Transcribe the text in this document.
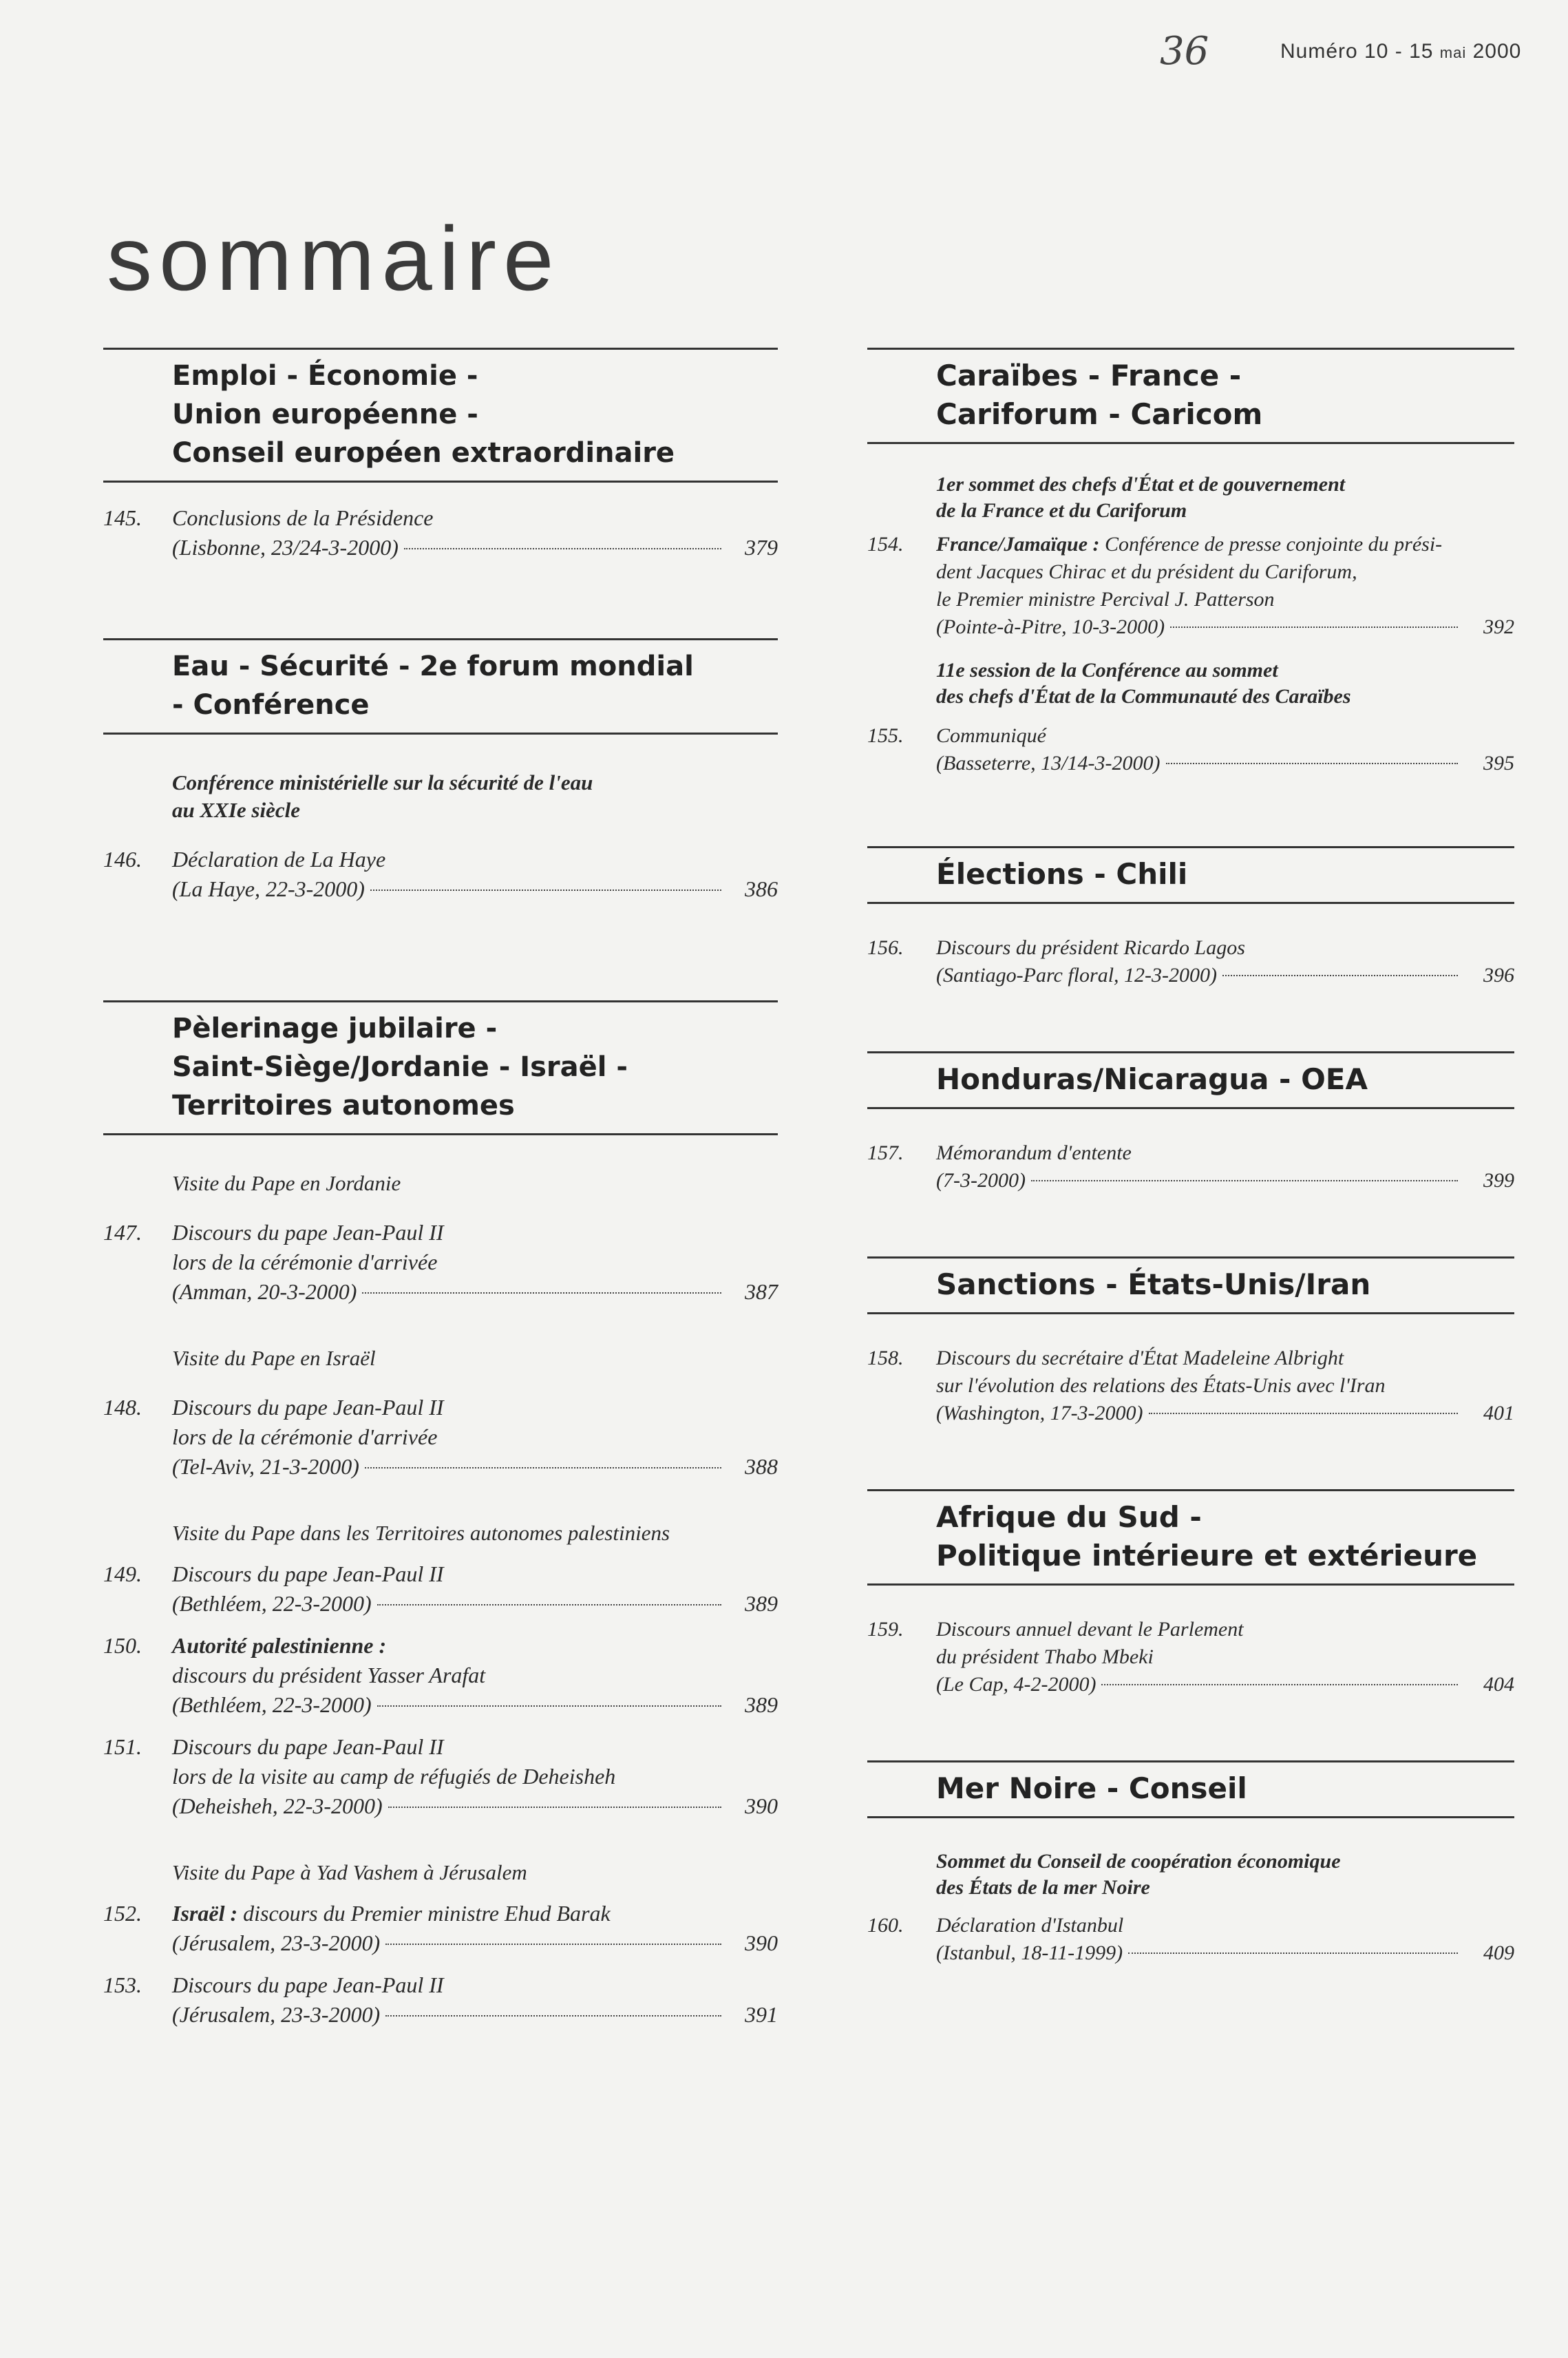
36	Numéro 10 - 15 mai 2000
sommaire
Emploi - Économie -
Union européenne -
Conseil européen extraordinaire
145.	Conclusions de la Présidence
(Lisbonne, 23/24-3-2000)	379
Eau - Sécurité - 2e forum mondial
- Conférence
Conférence ministérielle sur la sécurité de l'eau
au XXIe siècle
146.	Déclaration de La Haye
(La Haye, 22-3-2000)	386
Pèlerinage jubilaire -
Saint-Siège/Jordanie - Israël -
Territoires autonomes
Visite du Pape en Jordanie
147.	Discours du pape Jean-Paul II
lors de la cérémonie d'arrivée
(Amman, 20-3-2000)	387
Visite du Pape en Israël
148.	Discours du pape Jean-Paul II
lors de la cérémonie d'arrivée
(Tel-Aviv, 21-3-2000)	388
Visite du Pape dans les Territoires autonomes palestiniens
149.	Discours du pape Jean-Paul II
(Bethléem, 22-3-2000)	389
150.	Autorité palestinienne :
discours du président Yasser Arafat
(Bethléem, 22-3-2000)	389
151.	Discours du pape Jean-Paul II
lors de la visite au camp de réfugiés de Deheisheh
(Deheisheh, 22-3-2000)	390
Visite du Pape à Yad Vashem à Jérusalem
152.	Israël : discours du Premier ministre Ehud Barak
(Jérusalem, 23-3-2000)	390
153.	Discours du pape Jean-Paul II
(Jérusalem, 23-3-2000)	391
Caraïbes - France -
Cariforum - Caricom
1er sommet des chefs d'État et de gouvernement
de la France et du Cariforum
154.	France/Jamaïque : Conférence de presse conjointe du prési-
dent Jacques Chirac et du président du Cariforum,
le Premier ministre Percival J. Patterson
(Pointe-à-Pitre, 10-3-2000)	392
11e session de la Conférence au sommet
des chefs d'État de la Communauté des Caraïbes
155.	Communiqué
(Basseterre, 13/14-3-2000)	395
Élections - Chili
156.	Discours du président Ricardo Lagos
(Santiago-Parc floral, 12-3-2000)	396
Honduras/Nicaragua - OEA
157.	Mémorandum d'entente
(7-3-2000)	399
Sanctions - États-Unis/Iran
158.	Discours du secrétaire d'État Madeleine Albright
sur l'évolution des relations des États-Unis avec l'Iran
(Washington, 17-3-2000)	401
Afrique du Sud -
Politique intérieure et extérieure
159.	Discours annuel devant le Parlement
du président Thabo Mbeki
(Le Cap, 4-2-2000)	404
Mer Noire - Conseil
Sommet du Conseil de coopération économique
des États de la mer Noire
160.	Déclaration d'Istanbul
(Istanbul, 18-11-1999)	409
